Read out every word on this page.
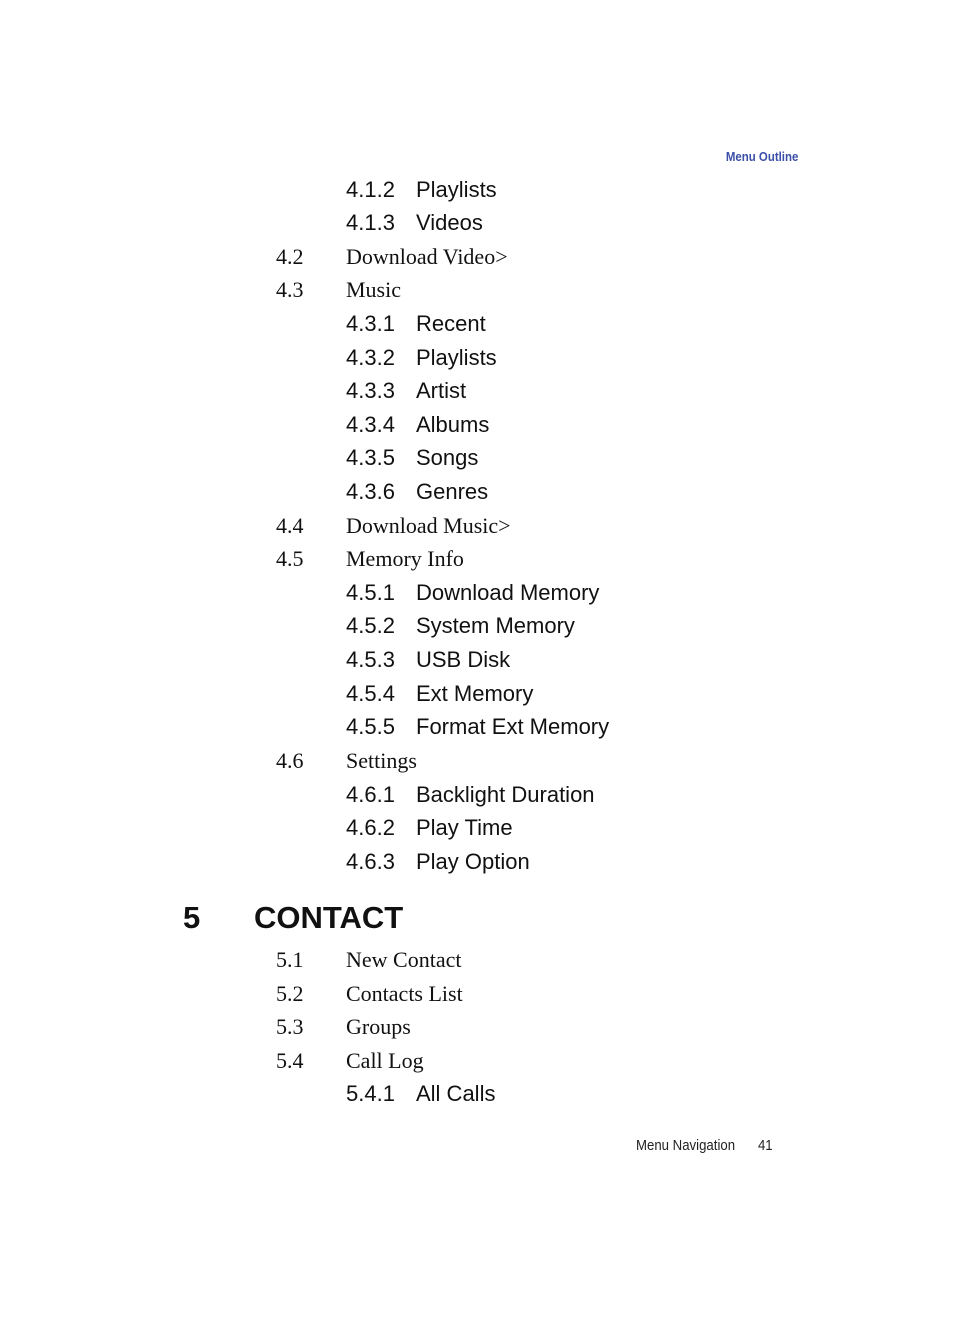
Menu Outline
4.1.2 Playlists
4.1.3 Videos
4.2 Download Video>
4.3 Music
4.3.1 Recent
4.3.2 Playlists
4.3.3 Artist
4.3.4 Albums
4.3.5 Songs
4.3.6 Genres
4.4 Download Music>
4.5 Memory Info
4.5.1 Download Memory
4.5.2 System Memory
4.5.3 USB Disk
4.5.4 Ext Memory
4.5.5 Format Ext Memory
4.6 Settings
4.6.1 Backlight Duration
4.6.2 Play Time
4.6.3 Play Option
5 CONTACT
5.1 New Contact
5.2 Contacts List
5.3 Groups
5.4 Call Log
5.4.1 All Calls
Menu Navigation 41
